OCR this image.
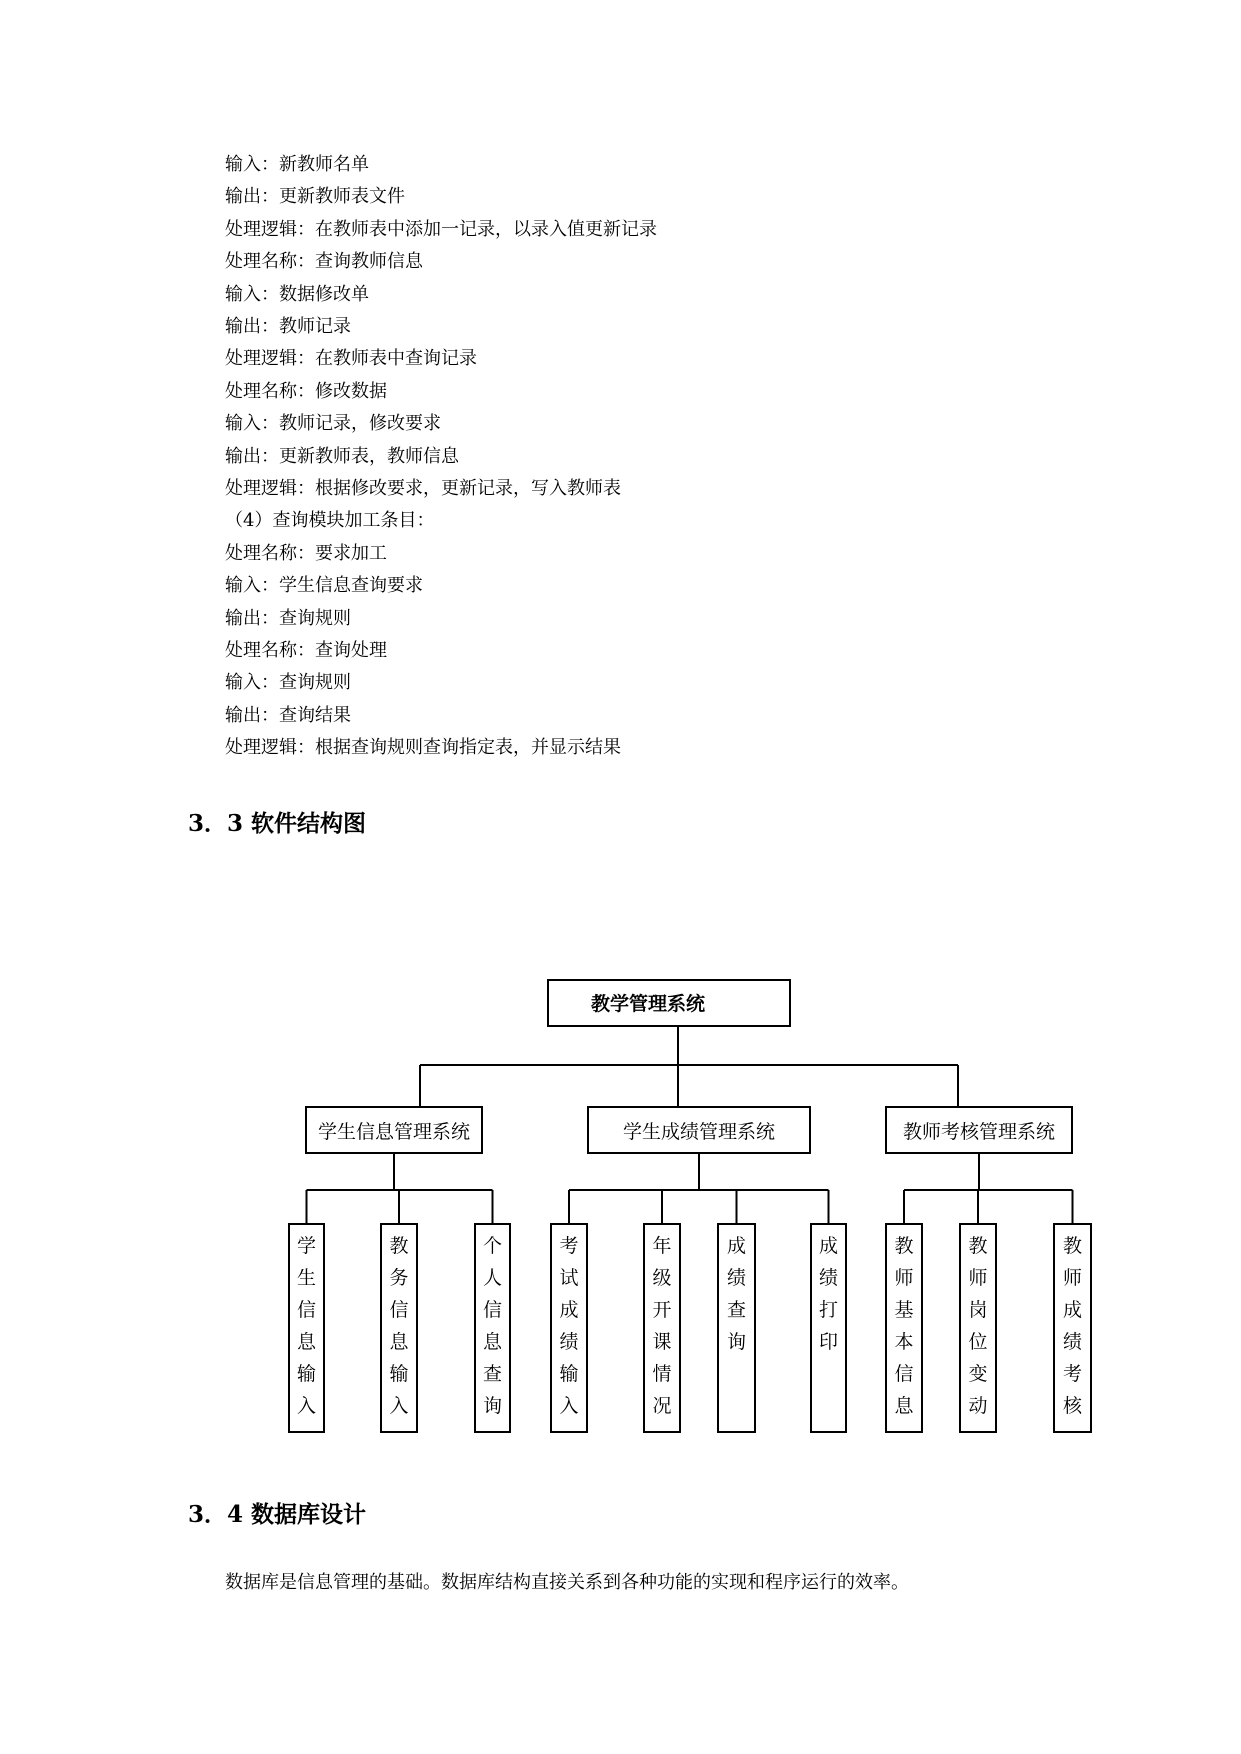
输入：新教师名单
输出：更新教师表文件
处理逻辑：在教师表中添加一记录，以录入值更新记录
处理名称：查询教师信息
输入：数据修改单
输出：教师记录
处理逻辑：在教师表中查询记录
处理名称：修改数据
输入：教师记录，修改要求
输出：更新教师表，教师信息
处理逻辑：根据修改要求，更新记录，写入教师表
（4）查询模块加工条目：
处理名称：要求加工
输入：学生信息查询要求
输出：查询规则
处理名称：查询处理
输入：查询规则
输出：查询结果
处理逻辑：根据查询规则查询指定表，并显示结果
3．3 软件结构图
教学管理系统
学生信息管理系统
学
生
信
息
输
入
教
务
信
息
输
入
个
人
信
息
查
询
学生成绩管理系统
考
试
成
绩
输
入
年
级
开
课
情
况
成
绩
查
询
成
绩
打
印
教师考核管理系统
教
师
基
本
信
息
教
师
岗
位
变
动
教
师
成
绩
考
核
3．4 数据库设计
数据库是信息管理的基础。数据库结构直接关系到各种功能的实现和程序运行的效率。
